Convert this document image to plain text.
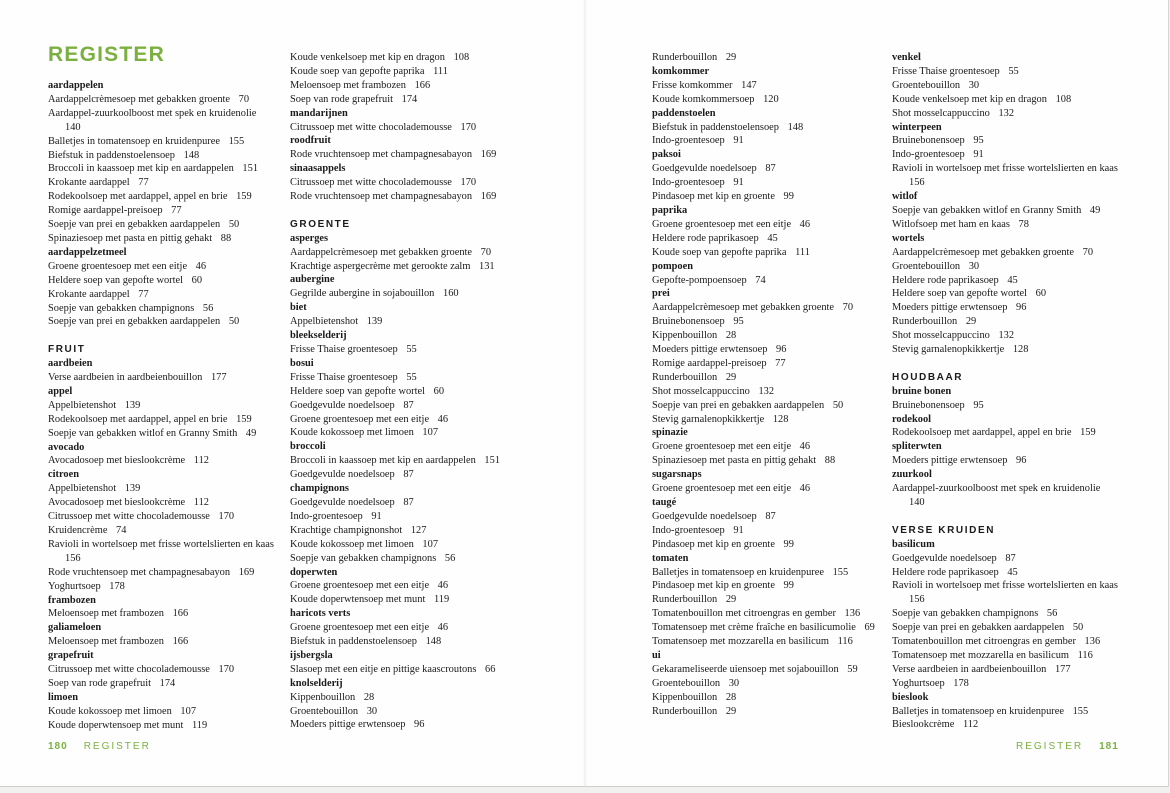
REGISTER
aardappelen
Aardappelcrèmesoep met gebakken groente 70
Aardappel-zuurkoolboost met spek en kruidenolie 140
Balletjes in tomatensoep en kruidenpuree 155
Biefstuk in paddenstoelensoep 148
Broccoli in kaassoep met kip en aardappelen 151
Krokante aardappel 77
Rodekoolsoep met aardappel, appel en brie 159
Romige aardappel-preisoep 77
Soepje van prei en gebakken aardappelen 50
Spinaziesoep met pasta en pittig gehakt 88
aardappelzetmeel
Groene groentesoep met een eitje 46
Heldere soep van gepofte wortel 60
Krokante aardappel 77
Soepje van gebakken champignons 56
Soepje van prei en gebakken aardappelen 50
FRUIT
aardbeien
Verse aardbeien in aardbeienbouillon 177
appel
Appelbietenshot 139
Rodekoolsoep met aardappel, appel en brie 159
Soepje van gebakken witlof en Granny Smith 49
avocado
Avocadosoep met bieslookcrème 112
citroen
Appelbietenshot 139
Avocadosoep met bieslookcrème 112
Citrussoep met witte chocolademousse 170
Kruidencrème 74
Ravioli in wortelsoep met frisse wortelslierten en kaas 156
Rode vruchtensoep met champagnesabayon 169
Yoghurtsoep 178
frambozen
Meloensoep met frambozen 166
galiameloen
Meloensoep met frambozen 166
grapefruit
Citrussoep met witte chocolademousse 170
Soep van rode grapefruit 174
limoen
Koude kokossoep met limoen 107
Koude doperwtensoep met munt 119
Koude venkelsoep met kip en dragon 108
Koude soep van gepofte paprika 111
Meloensoep met frambozen 166
Soep van rode grapefruit 174
mandarijnen
Citrussoep met witte chocolademousse 170
roodfruit
Rode vruchtensoep met champagnesabayon 169
sinaasappels
Citrussoep met witte chocolademousse 170
Rode vruchtensoep met champagnesabayon 169
GROENTE
asperges
Aardappelcrèmesoep met gebakken groente 70
Krachtige aspergecrème met gerookte zalm 131
aubergine
Gegrilde aubergine in sojabouillon 160
biet
Appelbietenshot 139
bleekselderij
Frisse Thaise groentesoep 55
bosui
Frisse Thaise groentesoep 55
Heldere soep van gepofte wortel 60
Goedgevulde noedelsoep 87
Groene groentesoep met een eitje 46
Koude kokossoep met limoen 107
broccoli
Broccoli in kaassoep met kip en aardappelen 151
Goedgevulde noedelsoep 87
champignons
Goedgevulde noedelsoep 87
Indo-groentesoep 91
Krachtige champignonshot 127
Koude kokossoep met limoen 107
Soepje van gebakken champignons 56
doperwten
Groene groentesoep met een eitje 46
Koude doperwtensoep met munt 119
haricots verts
Groene groentesoep met een eitje 46
Biefstuk in paddenstoelensoep 148
ijsbergsla
Slasoep met een eitje en pittige kaascroutons 66
knolselderij
Kippenbouillon 28
Groentebouillon 30
Moeders pittige erwtensoep 96
Runderbouillon 29
komkommer
Frisse komkommer 147
Koude komkommersoep 120
paddenstoelen
Biefstuk in paddenstoelensoep 148
Indo-groentesoep 91
paksoi
Goedgevulde noedelsoep 87
Indo-groentesoep 91
Pindasoep met kip en groente 99
paprika
Groene groentesoep met een eitje 46
Heldere rode paprikasoep 45
Koude soep van gepofte paprika 111
pompoen
Gepofte-pompoensoep 74
prei
Aardappelcrèmesoep met gebakken groente 70
Bruinebonensoep 95
Kippenbouillon 28
Moeders pittige erwtensoep 96
Romige aardappel-preisoep 77
Runderbouillon 29
Shot mosselcappuccino 132
Soepje van prei en gebakken aardappelen 50
Stevig garnalenopkikkertje 128
spinazie
Groene groentesoep met een eitje 46
Spinaziesoep met pasta en pittig gehakt 88
sugarsnaps
Groene groentesoep met een eitje 46
taugé
Goedgevulde noedelsoep 87
Indo-groentesoep 91
Pindasoep met kip en groente 99
tomaten
Balletjes in tomatensoep en kruidenpuree 155
Pindasoep met kip en groente 99
Runderbouillon 29
Tomatenbouillon met citroengras en gember 136
Tomatensoep met crème fraîche en basilicumolie 69
Tomatensoep met mozzarella en basilicum 116
ui
Gekarameliseerde uiensoep met sojabouillon 59
Groentebouillon 30
Kippenbouillon 28
Runderbouillon 29
venkel
Frisse Thaise groentesoep 55
Groentebouillon 30
Koude venkelsoep met kip en dragon 108
Shot mosselcappuccino 132
winterpeen
Bruinebonensoep 95
Indo-groentesoep 91
Ravioli in wortelsoep met frisse wortelslierten en kaas 156
witlof
Soepje van gebakken witlof en Granny Smith 49
Witlofsoep met ham en kaas 78
wortels
Aardappelcrèmesoep met gebakken groente 70
Groentebouillon 30
Heldere rode paprikasoep 45
Heldere soep van gepofte wortel 60
Moeders pittige erwtensoep 96
Runderbouillon 29
Shot mosselcappuccino 132
Stevig garnalenopkikkertje 128
HOUDBAAR
bruine bonen
Bruinebonensoep 95
rodekool
Rodekoolsoep met aardappel, appel en brie 159
spliterwten
Moeders pittige erwtensoep 96
zuurkool
Aardappel-zuurkoolboost met spek en kruidenolie 140
VERSE KRUIDEN
basilicum
Goedgevulde noedelsoep 87
Heldere rode paprikasoep 45
Ravioli in wortelsoep met frisse wortelslierten en kaas 156
Soepje van gebakken champignons 56
Soepje van prei en gebakken aardappelen 50
Tomatenbouillon met citroengras en gember 136
Tomatensoep met mozzarella en basilicum 116
Verse aardbeien in aardbeienbouillon 177
Yoghurtsoep 178
bieslook
Balletjes in tomatensoep en kruidenpuree 155
Bieslookcrème 112
180 REGISTER	REGISTER 181
